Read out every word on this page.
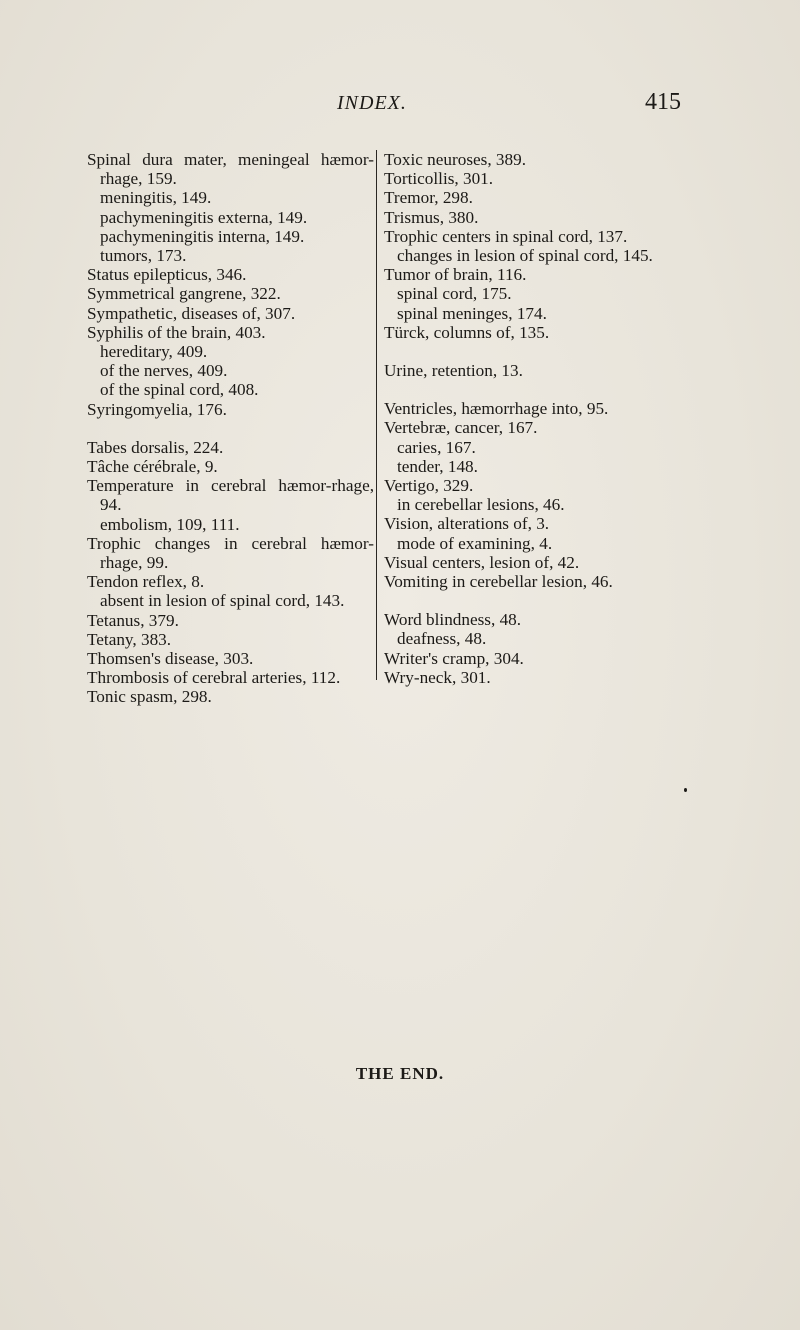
INDEX.	415

Spinal dura mater, meningeal hæmor-rhage, 159.

meningitis, 149.

pachymeningitis externa, 149.

pachymeningitis interna, 149.

tumors, 173.

Status epilepticus, 346.

Symmetrical gangrene, 322.

Sympathetic, diseases of, 307.

Syphilis of the brain, 403.

hereditary, 409.

of the nerves, 409.

of the spinal cord, 408.

Syringomyelia, 176.

Tabes dorsalis, 224.

Tâche cérébrale, 9.

Temperature in cerebral hæmor-rhage, 94.

embolism, 109, 111.

Trophic changes in cerebral hæmor-rhage, 99.

Tendon reflex, 8.

absent in lesion of spinal cord, 143.

Tetanus, 379.

Tetany, 383.

Thomsen's disease, 303.

Thrombosis of cerebral arteries, 112.

Tonic spasm, 298.

Toxic neuroses, 389.

Torticollis, 301.

Tremor, 298.

Trismus, 380.

Trophic centers in spinal cord, 137.

changes in lesion of spinal cord, 145.

Tumor of brain, 116.

spinal cord, 175.

spinal meninges, 174.

Türck, columns of, 135.

Urine, retention, 13.

Ventricles, hæmorrhage into, 95.

Vertebræ, cancer, 167.

caries, 167.

tender, 148.

Vertigo, 329.

in cerebellar lesions, 46.

Vision, alterations of, 3.

mode of examining, 4.

Visual centers, lesion of, 42.

Vomiting in cerebellar lesion, 46.

Word blindness, 48.

deafness, 48.

Writer's cramp, 304.

Wry-neck, 301.

THE END.
